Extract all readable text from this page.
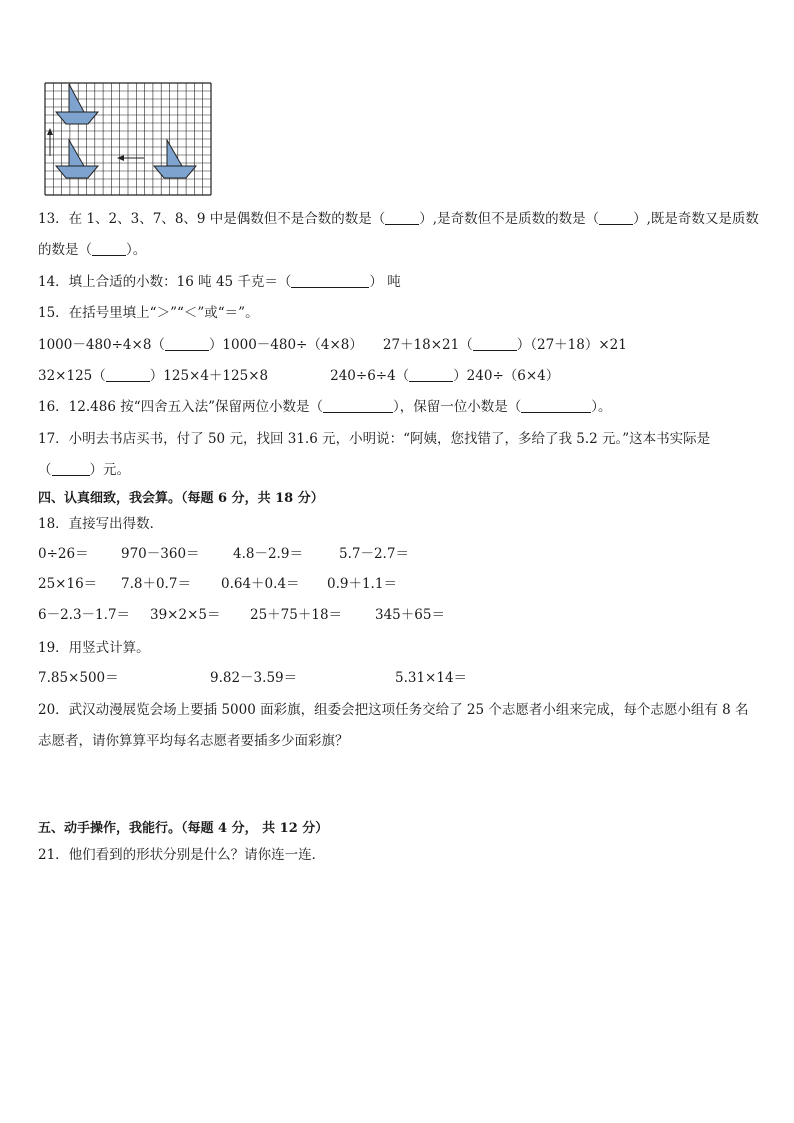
13．在 1、2、3、7、8、9 中是偶数但不是合数的数是（	）,是奇数但不是质数的数是（	）,既是奇数又是质数
的数是（	）。
14．填上合适的小数：16 吨 45 千克＝（	） 吨
15．在括号里填上“＞”“＜”或“＝”。
1000－480÷4×8（	）1000－480÷（4×8） 27＋18×21（	）（27＋18）×21
32×125（	）125×4＋125×8	240÷6÷4（	）240÷（6×4）
16．12.486 按“四舍五入法”保留两位小数是（	），保留一位小数是（	）。
17．小明去书店买书，付了 50 元，找回 31.6 元，小明说：“阿姨，您找错了，多给了我 5.2 元。”这本书实际是
（	）元。
四、认真细致，我会算。（每题 6 分，共 18 分）
18．直接写出得数．
0÷26＝ 970－360＝ 4.8－2.9＝	5.7－2.7＝
25×16＝ 7.8＋0.7＝ 0.64＋0.4＝ 0.9＋1.1＝
6－2.3－1.7＝ 39×2×5＝ 25＋75＋18＝ 345＋65＝
19．用竖式计算。
7.85×500＝	9.82－3.59＝	5.31×14＝
20．武汉动漫展览会场上要插 5000 面彩旗，组委会把这项任务交给了 25 个志愿者小组来完成，每个志愿小组有 8 名
志愿者，请你算算平均每名志愿者要插多少面彩旗？
五、动手操作，我能行。（每题 4 分， 共 12 分）
21．他们看到的形状分别是什么？请你连一连．
